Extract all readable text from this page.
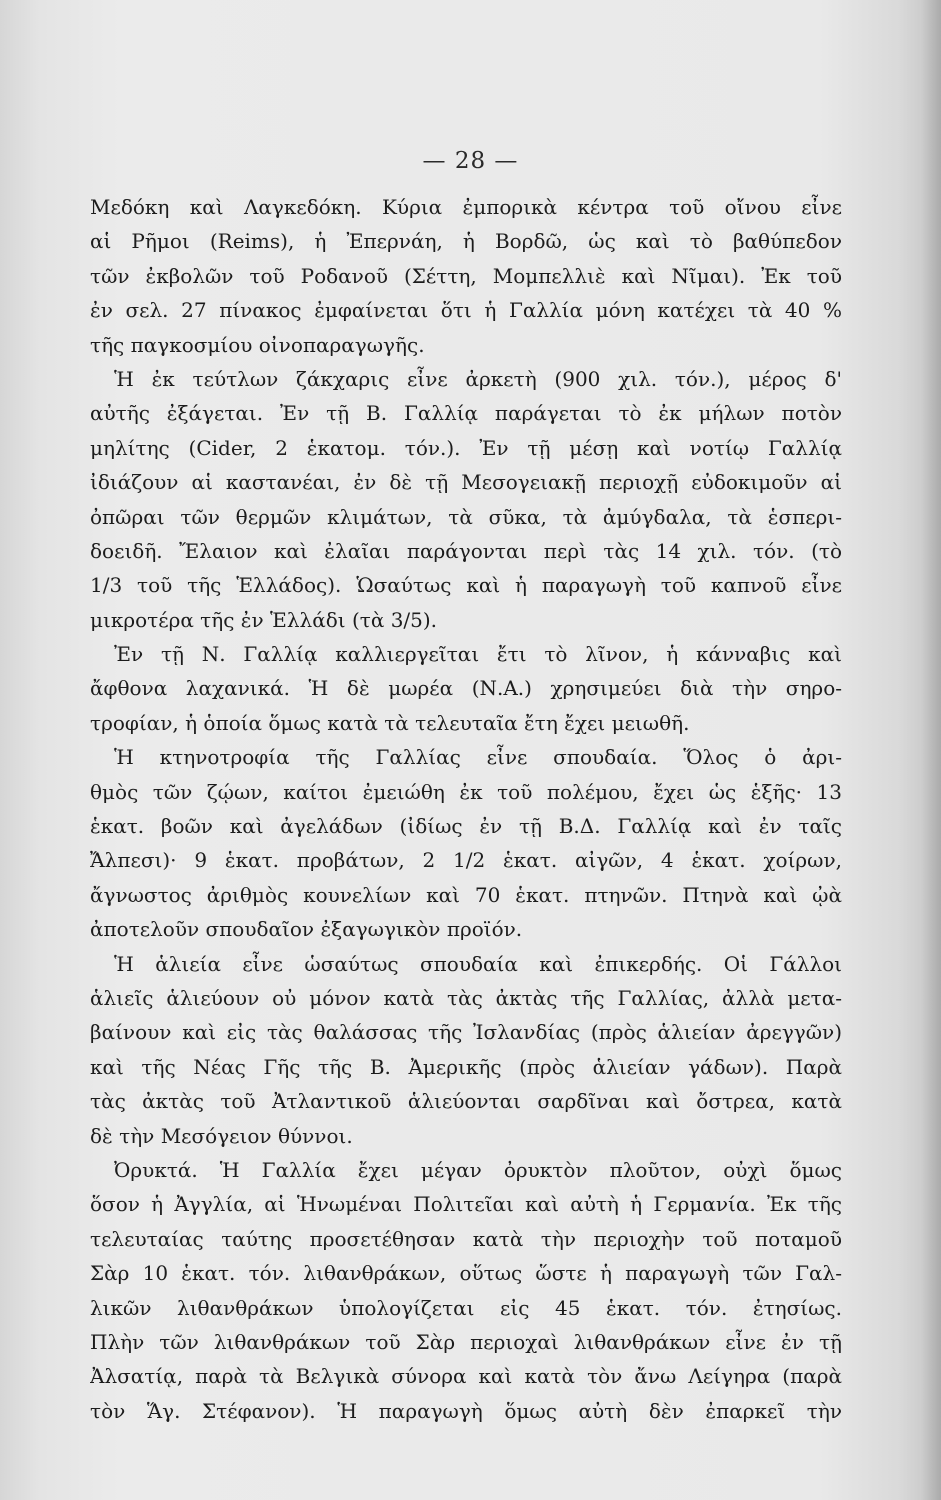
— 28 —
Μεδόκη καὶ Λαγκεδόκη. Κύρια ἐμπορικὰ κέντρα τοῦ οἴνου εἶνε
αἱ Ρῆμοι (Reims), ἡ Ἐπερνάη, ἡ Βορδῶ, ὡς καὶ τὸ βαθύπεδον
τῶν ἐκβολῶν τοῦ Ροδανοῦ (Σέττη, Μομπελλιὲ καὶ Νῖμαι). Ἐκ τοῦ
ἐν σελ. 27 πίνακος ἐμφαίνεται ὅτι ἡ Γαλλία μόνη κατέχει τὰ 40 %
τῆς παγκοσμίου οἰνοπαραγωγῆς.
Ἡ ἐκ τεύτλων ζάκχαρις εἶνε ἀρκετὴ (900 χιλ. τόν.), μέρος δ'
αὐτῆς ἐξάγεται. Ἐν τῇ Β. Γαλλίᾳ παράγεται τὸ ἐκ μήλων ποτὸν
μηλίτης (Cider, 2 ἑκατομ. τόν.). Ἐν τῇ μέσῃ καὶ νοτίῳ Γαλλίᾳ
ἰδιάζουν αἱ καστανέαι, ἐν δὲ τῇ Μεσογειακῇ περιοχῇ εὐδοκιμοῦν αἱ
ὀπῶραι τῶν θερμῶν κλιμάτων, τὰ σῦκα, τὰ ἀμύγδαλα, τὰ ἑσπερι-
δοειδῆ. Ἔλαιον καὶ ἐλαῖαι παράγονται περὶ τὰς 14 χιλ. τόν. (τὸ
1/3 τοῦ τῆς Ἑλλάδος). Ὡσαύτως καὶ ἡ παραγωγὴ τοῦ καπνοῦ εἶνε
μικροτέρα τῆς ἐν Ἑλλάδι (τὰ 3/5).
Ἐν τῇ Ν. Γαλλίᾳ καλλιεργεῖται ἔτι τὸ λῖνον, ἡ κάνναβις καὶ
ἄφθονα λαχανικά. Ἡ δὲ μωρέα (Ν.Α.) χρησιμεύει διὰ τὴν σηρο-
τροφίαν, ἡ ὁποία ὅμως κατὰ τὰ τελευταῖα ἔτη ἔχει μειωθῆ.
Ἡ κτηνοτροφία τῆς Γαλλίας εἶνε σπουδαία. Ὅλος ὁ ἀρι-
θμὸς τῶν ζῴων, καίτοι ἐμειώθη ἐκ τοῦ πολέμου, ἔχει ὡς ἑξῆς· 13
ἑκατ. βοῶν καὶ ἀγελάδων (ἰδίως ἐν τῇ Β.Δ. Γαλλίᾳ καὶ ἐν ταῖς
Ἄλπεσι)· 9 ἑκατ. προβάτων, 2 1/2 ἑκατ. αἰγῶν, 4 ἑκατ. χοίρων,
ἄγνωστος ἀριθμὸς κουνελίων καὶ 70 ἑκατ. πτηνῶν. Πτηνὰ καὶ ᾠὰ
ἀποτελοῦν σπουδαῖον ἐξαγωγικὸν προϊόν.
Ἡ ἁλιεία εἶνε ὡσαύτως σπουδαία καὶ ἐπικερδής. Οἱ Γάλλοι
ἁλιεῖς ἁλιεύουν οὐ μόνον κατὰ τὰς ἀκτὰς τῆς Γαλλίας, ἀλλὰ μετα-
βαίνουν καὶ εἰς τὰς θαλάσσας τῆς Ἰσλανδίας (πρὸς ἁλιείαν ἀρεγγῶν)
καὶ τῆς Νέας Γῆς τῆς Β. Ἀμερικῆς (πρὸς ἁλιείαν γάδων). Παρὰ
τὰς ἀκτὰς τοῦ Ἀτλαντικοῦ ἁλιεύονται σαρδῖναι καὶ ὄστρεα, κατὰ
δὲ τὴν Μεσόγειον θύννοι.
Ὀρυκτά. Ἡ Γαλλία ἔχει μέγαν ὀρυκτὸν πλοῦτον, οὐχὶ ὅμως
ὅσον ἡ Ἀγγλία, αἱ Ἡνωμέναι Πολιτεῖαι καὶ αὐτὴ ἡ Γερμανία. Ἐκ τῆς
τελευταίας ταύτης προσετέθησαν κατὰ τὴν περιοχὴν τοῦ ποταμοῦ
Σὰρ 10 ἑκατ. τόν. λιθανθράκων, οὕτως ὥστε ἡ παραγωγὴ τῶν Γαλ-
λικῶν λιθανθράκων ὑπολογίζεται εἰς 45 ἑκατ. τόν. ἐτησίως.
Πλὴν τῶν λιθανθράκων τοῦ Σὰρ περιοχαὶ λιθανθράκων εἶνε ἐν τῇ
Ἀλσατίᾳ, παρὰ τὰ Βελγικὰ σύνορα καὶ κατὰ τὸν ἄνω Λείγηρα (παρὰ
τὸν Ἅγ. Στέφανον). Ἡ παραγωγὴ ὅμως αὐτὴ δὲν ἐπαρκεῖ τὴν
